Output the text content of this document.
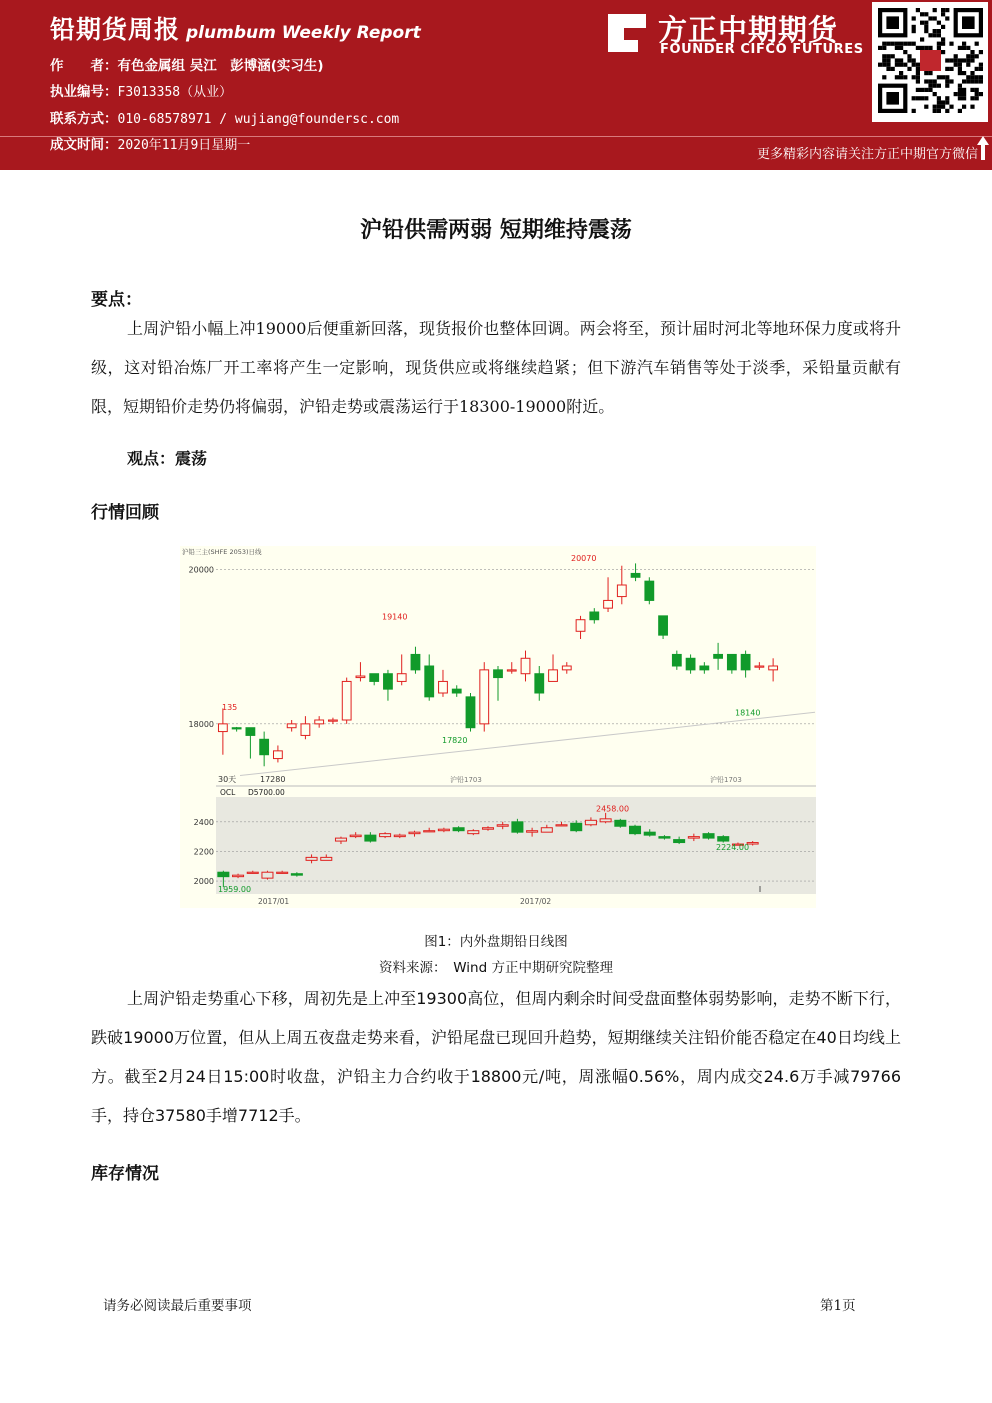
铅期货周报 plumbum Weekly Report
作　　者：有色金属组 吴江　彭博涵(实习生)
执业编号：F3013358（从业）
联系方式：010-68578971 / wujiang@foundersc.com
成文时间：2020年11月9日星期一
方正中期期货
FOUNDER CIFCO FUTURES
更多精彩内容请关注方正中期官方微信
沪铅供需两弱 短期维持震荡
要点：
上周沪铅小幅上冲19000后便重新回落，现货报价也整体回调。两会将至，预计届时河北等地环保力度或将升级，这对铅冶炼厂开工率将产生一定影响，现货供应或将继续趋紧；但下游汽车销售等处于淡季，采铅量贡献有限，短期铅价走势仍将偏弱，沪铅走势或震荡运行于18300-19000附近。
观点：震荡
行情回顾
18000
20000
沪铅三主(SHFE 2053)日线
135
19140
17820
20070
18140
17280
30天	沪铅1703	沪铅1703
OCL D5700.00
2000
2200
2400
2458.00
2224.00
1959.00
2017/01	2017/02
图1：内外盘期铅日线图
资料来源：　Wind 方正中期研究院整理
上周沪铅走势重心下移，周初先是上冲至19300高位，但周内剩余时间受盘面整体弱势影响，走势不断下行，跌破19000万位置，但从上周五夜盘走势来看，沪铅尾盘已现回升趋势，短期继续关注铅价能否稳定在40日均线上方。截至2月24日15:00时收盘，沪铅主力合约收于18800元/吨，周涨幅0.56%，周内成交24.6万手减79766手，持仓37580手增7712手。
库存情况
请务必阅读最后重要事项	第1页
